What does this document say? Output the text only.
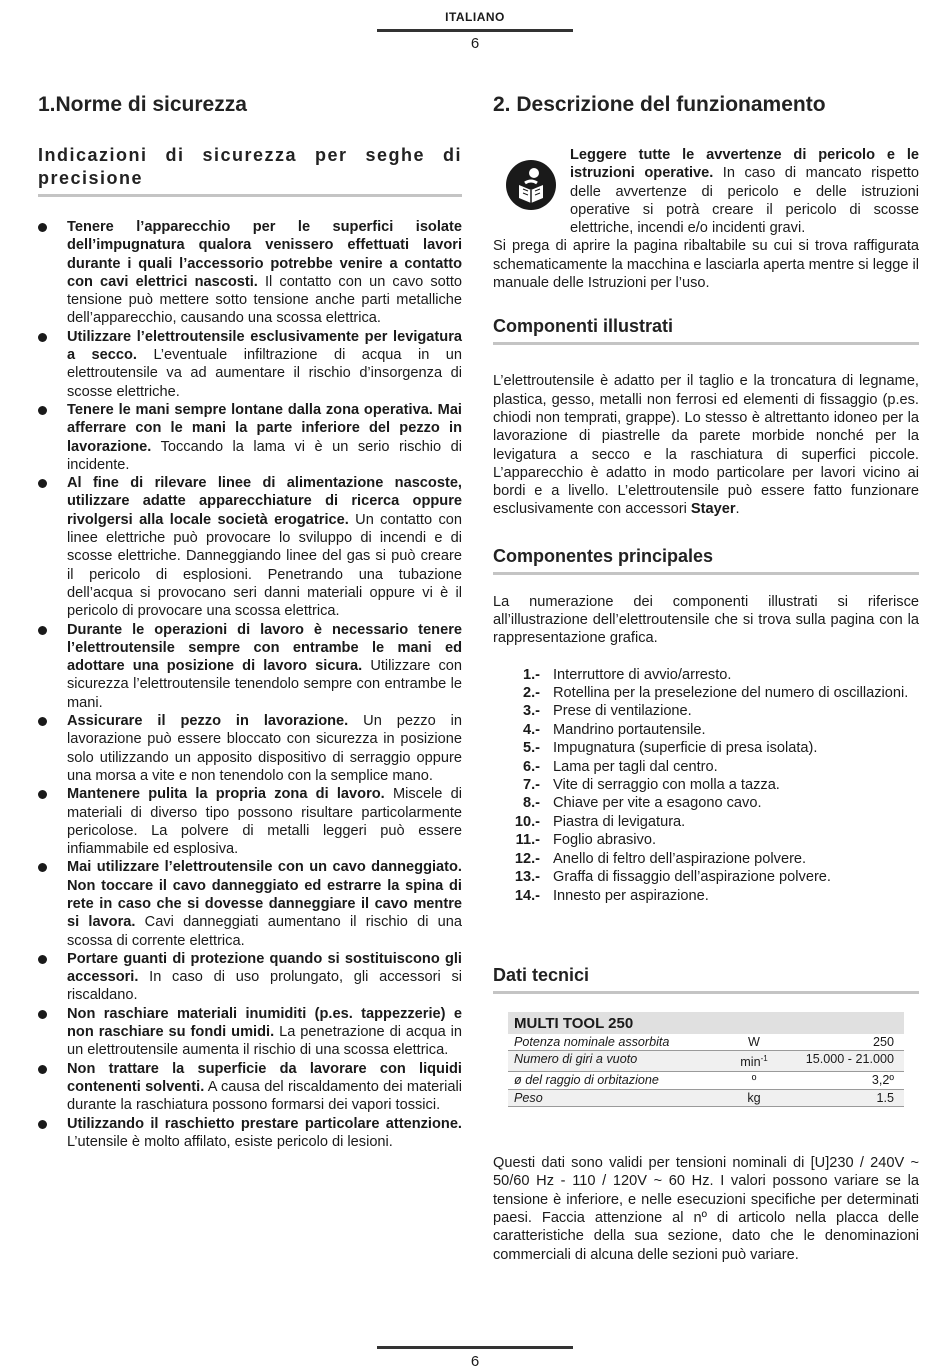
ITALIANO
6
1.Norme di sicurezza
Indicazioni di sicurezza per seghe di precisione
Tenere l’apparecchio per le superfici isolate dell’impugnatura qualora venissero effettuati lavori durante i quali l’accessorio potrebbe venire a contatto con cavi elettrici nascosti. Il contatto con un cavo sotto tensione può mettere sotto tensione anche parti metalliche dell’apparecchio, causando una scossa elettrica.
Utilizzare l’elettroutensile esclusivamente per levigatura a secco. L’eventuale infiltrazione di acqua in un elettroutensile va ad aumentare il rischio d’insorgenza di scosse elettriche.
Tenere le mani sempre lontane dalla zona operativa. Mai afferrare con le mani la parte inferiore del pezzo in lavorazione. Toccando la lama vi è un serio rischio di incidente.
Al fine di rilevare linee di alimentazione nascoste, utilizzare adatte apparecchiature di ricerca oppure rivolgersi alla locale società erogatrice. Un contatto con linee elettriche può provocare lo sviluppo di incendi e di scosse elettriche. Danneggiando linee del gas si può creare il pericolo di esplosioni. Penetrando una tubazione dell’acqua si provocano seri danni materiali oppure vi è il pericolo di provocare una scossa elettrica.
Durante le operazioni di lavoro è necessario tenere l’elettroutensile sempre con entrambe le mani ed adottare una posizione di lavoro sicura. Utilizzare con sicurezza l’elettroutensile tenendolo sempre con entrambe le mani.
Assicurare il pezzo in lavorazione. Un pezzo in lavorazione può essere bloccato con sicurezza in posizione solo utilizzando un apposito dispositivo di serraggio oppure una morsa a vite e non tenendolo con la semplice mano.
Mantenere pulita la propria zona di lavoro. Miscele di materiali di diverso tipo possono risultare particolarmente pericolose. La polvere di metalli leggeri può essere infiammabile ed esplosiva.
Mai utilizzare l’elettroutensile con un cavo danneggiato. Non toccare il cavo danneggiato ed estrarre la spina di rete in caso che si dovesse danneggiare il cavo mentre si lavora. Cavi danneggiati aumentano il rischio di una scossa di corrente elettrica.
Portare guanti di protezione quando si sostituiscono gli accessori. In caso di uso prolungato, gli accessori si riscaldano.
Non raschiare materiali inumiditi (p.es. tappezzerie) e non raschiare su fondi umidi. La penetrazione di acqua in un elettroutensile aumenta il rischio di una scossa elettrica.
Non trattare la superficie da lavorare con liquidi contenenti solventi. A causa del riscaldamento dei materiali durante la raschiatura possono formarsi dei vapori tossici.
Utilizzando il raschietto prestare particolare attenzione. L’utensile è molto affilato, esiste pericolo di lesioni.
2. Descrizione del funzionamento
Leggere tutte le avvertenze di pericolo e le istruzioni operative. In caso di mancato rispetto delle avvertenze di pericolo e delle istruzioni operative si potrà creare il pericolo di scosse elettriche, incendi e/o incidenti gravi.
Si prega di aprire la pagina ribaltabile su cui si trova raffigurata schematicamente la macchina e lasciarla aperta mentre si legge il manuale delle Istruzioni per l’uso.
Componenti illustrati
L’elettroutensile è adatto per il taglio e la troncatura di legname, plastica, gesso, metalli non ferrosi ed elementi di fissaggio (p.es. chiodi non temprati, grappe). Lo stesso è altrettanto idoneo per la lavorazione di piastrelle da parete morbide nonché per la levigatura a secco e la raschiatura di superfici piccole. L’apparecchio è adatto in modo particolare per lavori vicino ai bordi e a livello. L’elettroutensile può essere fatto funzionare esclusivamente con accessori Stayer.
Componentes principales
La numerazione dei componenti illustrati si riferisce all’illustrazione dell’elettroutensile che si trova sulla pagina con la rappresentazione grafica.
1.- Interruttore di avvio/arresto.
2.- Rotellina per la preselezione del numero di oscillazioni.
3.- Prese di ventilazione.
4.- Mandrino portautensile.
5.- Impugnatura (superficie di presa isolata).
6.- Lama per tagli dal centro.
7.- Vite di serraggio con molla a tazza.
8.- Chiave per vite a esagono cavo.
10.- Piastra di levigatura.
11.- Foglio abrasivo.
12.- Anello di feltro dell’aspirazione polvere.
13.- Graffa di fissaggio dell’aspirazione polvere.
14.- Innesto per aspirazione.
Dati tecnici
MULTI TOOL 250
Potenza nominale assorbita	W	250
Numero di giri a vuoto	$\min^{-1}$	15.000 - 21.000
ø del raggio di orbitazione	º	3,2º
Peso	kg	1.5
Questi dati sono validi per tensioni nominali di [U]230 / 240V ~ 50/60 Hz - 110 / 120V ~ 60 Hz. I valori possono variare se la tensione è inferiore, e nelle esecuzioni specifiche per determinati paesi. Faccia attenzione al nº di articolo nella placca delle caratteristiche della sua sezione, dato che le denominazioni commerciali di alcuna delle sezioni può variare.
6
